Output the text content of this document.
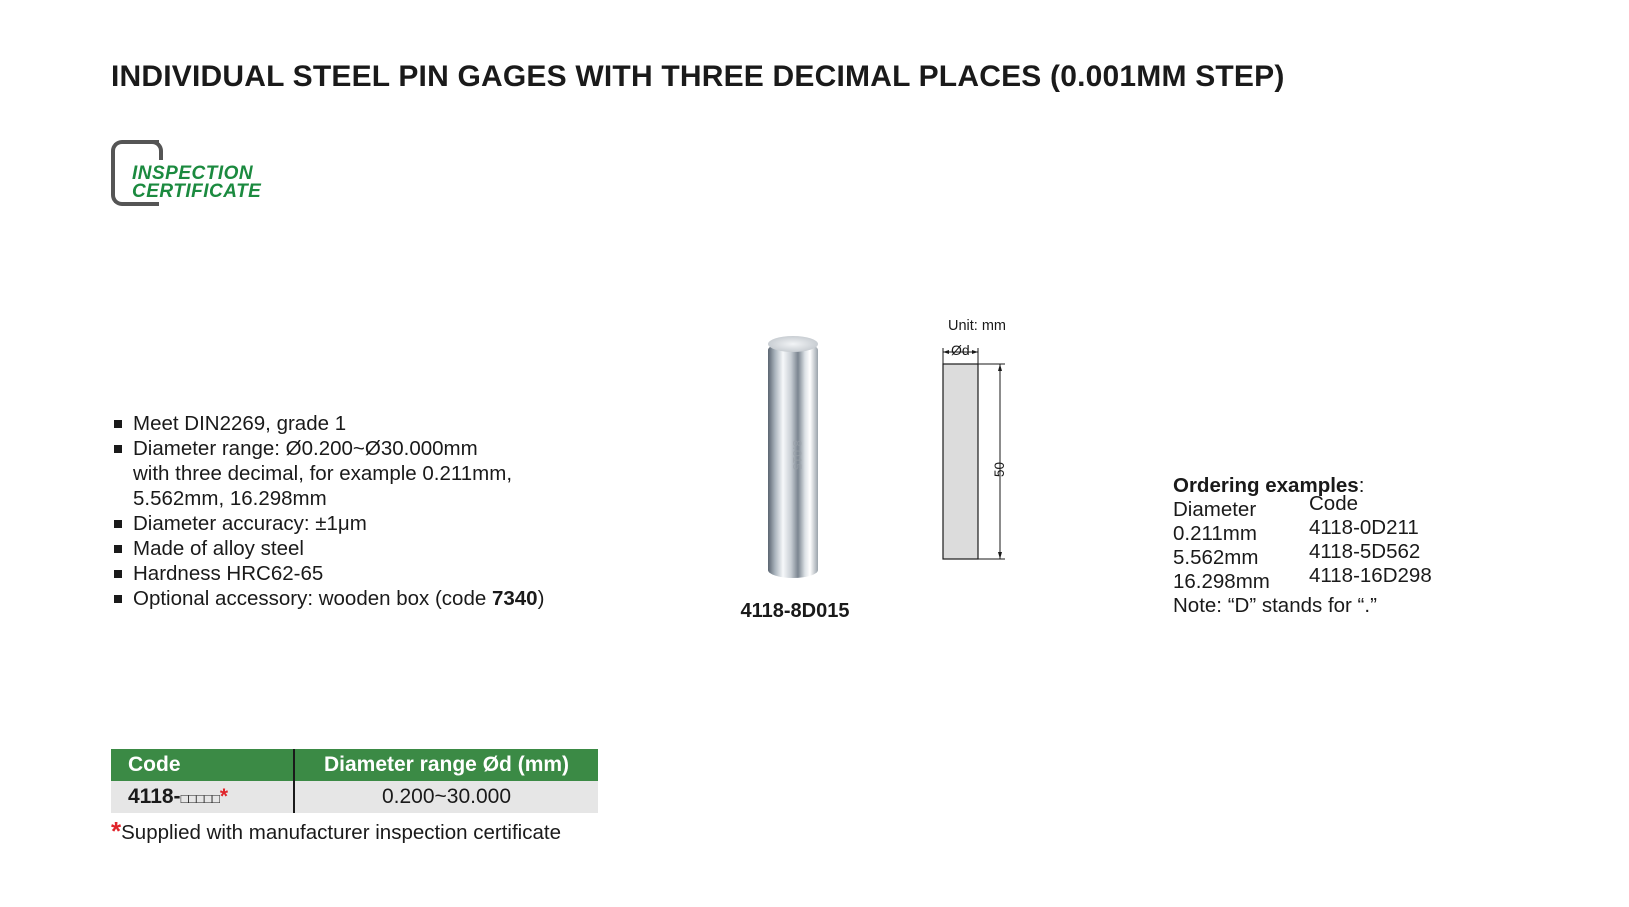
INDIVIDUAL STEEL PIN GAGES WITH THREE DECIMAL PLACES (0.001MM STEP)
INSPECTION
CERTIFICATE
Meet DIN2269, grade 1
Diameter range: Ø0.200~Ø30.000mm
with three decimal, for example 0.211mm,
5.562mm, 16.298mm
Diameter accuracy: ±1μm
Made of alloy steel
Hardness HRC62-65
Optional accessory: wooden box (code 7340)
8.015
4118-8D015
Unit: mm
Ød
50
Ordering examples:
Diameter	Code
0.211mm	4118-0D211
5.562mm	4118-5D562
16.298mm	4118-16D298
Note: “D” stands for “.”
Code	Diameter range Ød (mm)
4118-□□□□□*	0.200~30.000
*Supplied with manufacturer inspection certificate
